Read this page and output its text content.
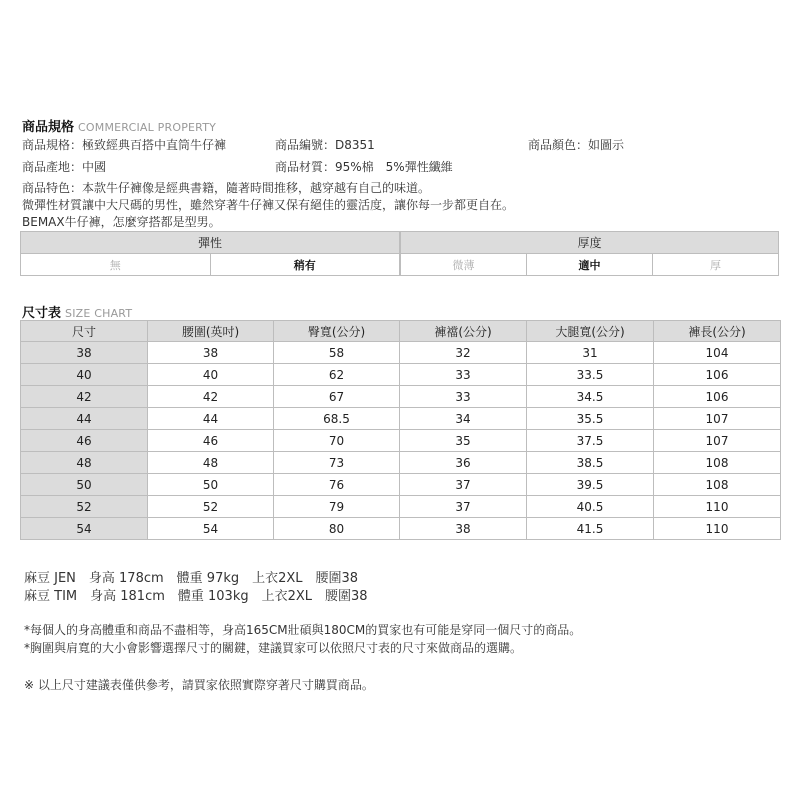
商品規格 COMMERCIAL PROPERTY
商品規格：極致經典百搭中直筒牛仔褲	商品編號：D8351	商品顏色：如圖示
商品產地：中國	商品材質：95%棉　5%彈性纖維
商品特色：本款牛仔褲像是經典書籍，隨著時間推移，越穿越有自己的味道。
微彈性材質讓中大尺碼的男性，雖然穿著牛仔褲又保有絕佳的靈活度，讓你每一步都更自在。
BEMAX牛仔褲，怎麼穿搭都是型男。
彈性
無	稍有
厚度
微薄	適中	厚
尺寸表 SIZE CHART
尺寸	腰圍(英吋)	臀寬(公分)	褲襠(公分)	大腿寬(公分)	褲長(公分)
38	38	58	32	31	104
40	40	62	33	33.5	106
42	42	67	33	34.5	106
44	44	68.5	34	35.5	107
46	46	70	35	37.5	107
48	48	73	36	38.5	108
50	50	76	37	39.5	108
52	52	79	37	40.5	110
54	54	80	38	41.5	110
麻豆 JEN　身高 178cm　體重 97kg　上衣2XL　腰圍38
麻豆 TIM　身高 181cm　體重 103kg　上衣2XL　腰圍38
*每個人的身高體重和商品不盡相等，身高165CM壯碩與180CM的買家也有可能是穿同一個尺寸的商品。
*胸圍與肩寬的大小會影響選擇尺寸的關鍵，建議買家可以依照尺寸表的尺寸來做商品的選購。
※ 以上尺寸建議表僅供參考，請買家依照實際穿著尺寸購買商品。
